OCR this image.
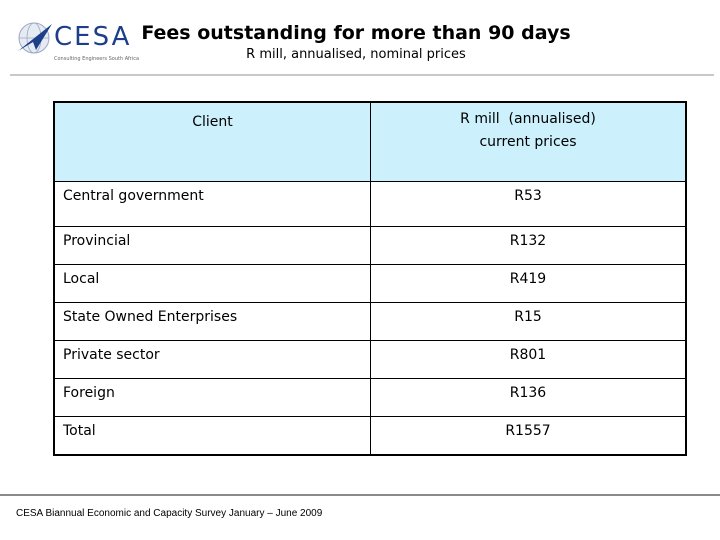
CESA
Consulting Engineers South Africa
Fees outstanding for more than 90 days
R mill, annualised, nominal prices
Client	R mill  (annualised)
current prices

Central government	R53
Provincial	R132
Local	R419
State Owned Enterprises	R15
Private sector	R801
Foreign	R136
Total	R1557
CESA Biannual Economic and Capacity Survey January – June 2009
